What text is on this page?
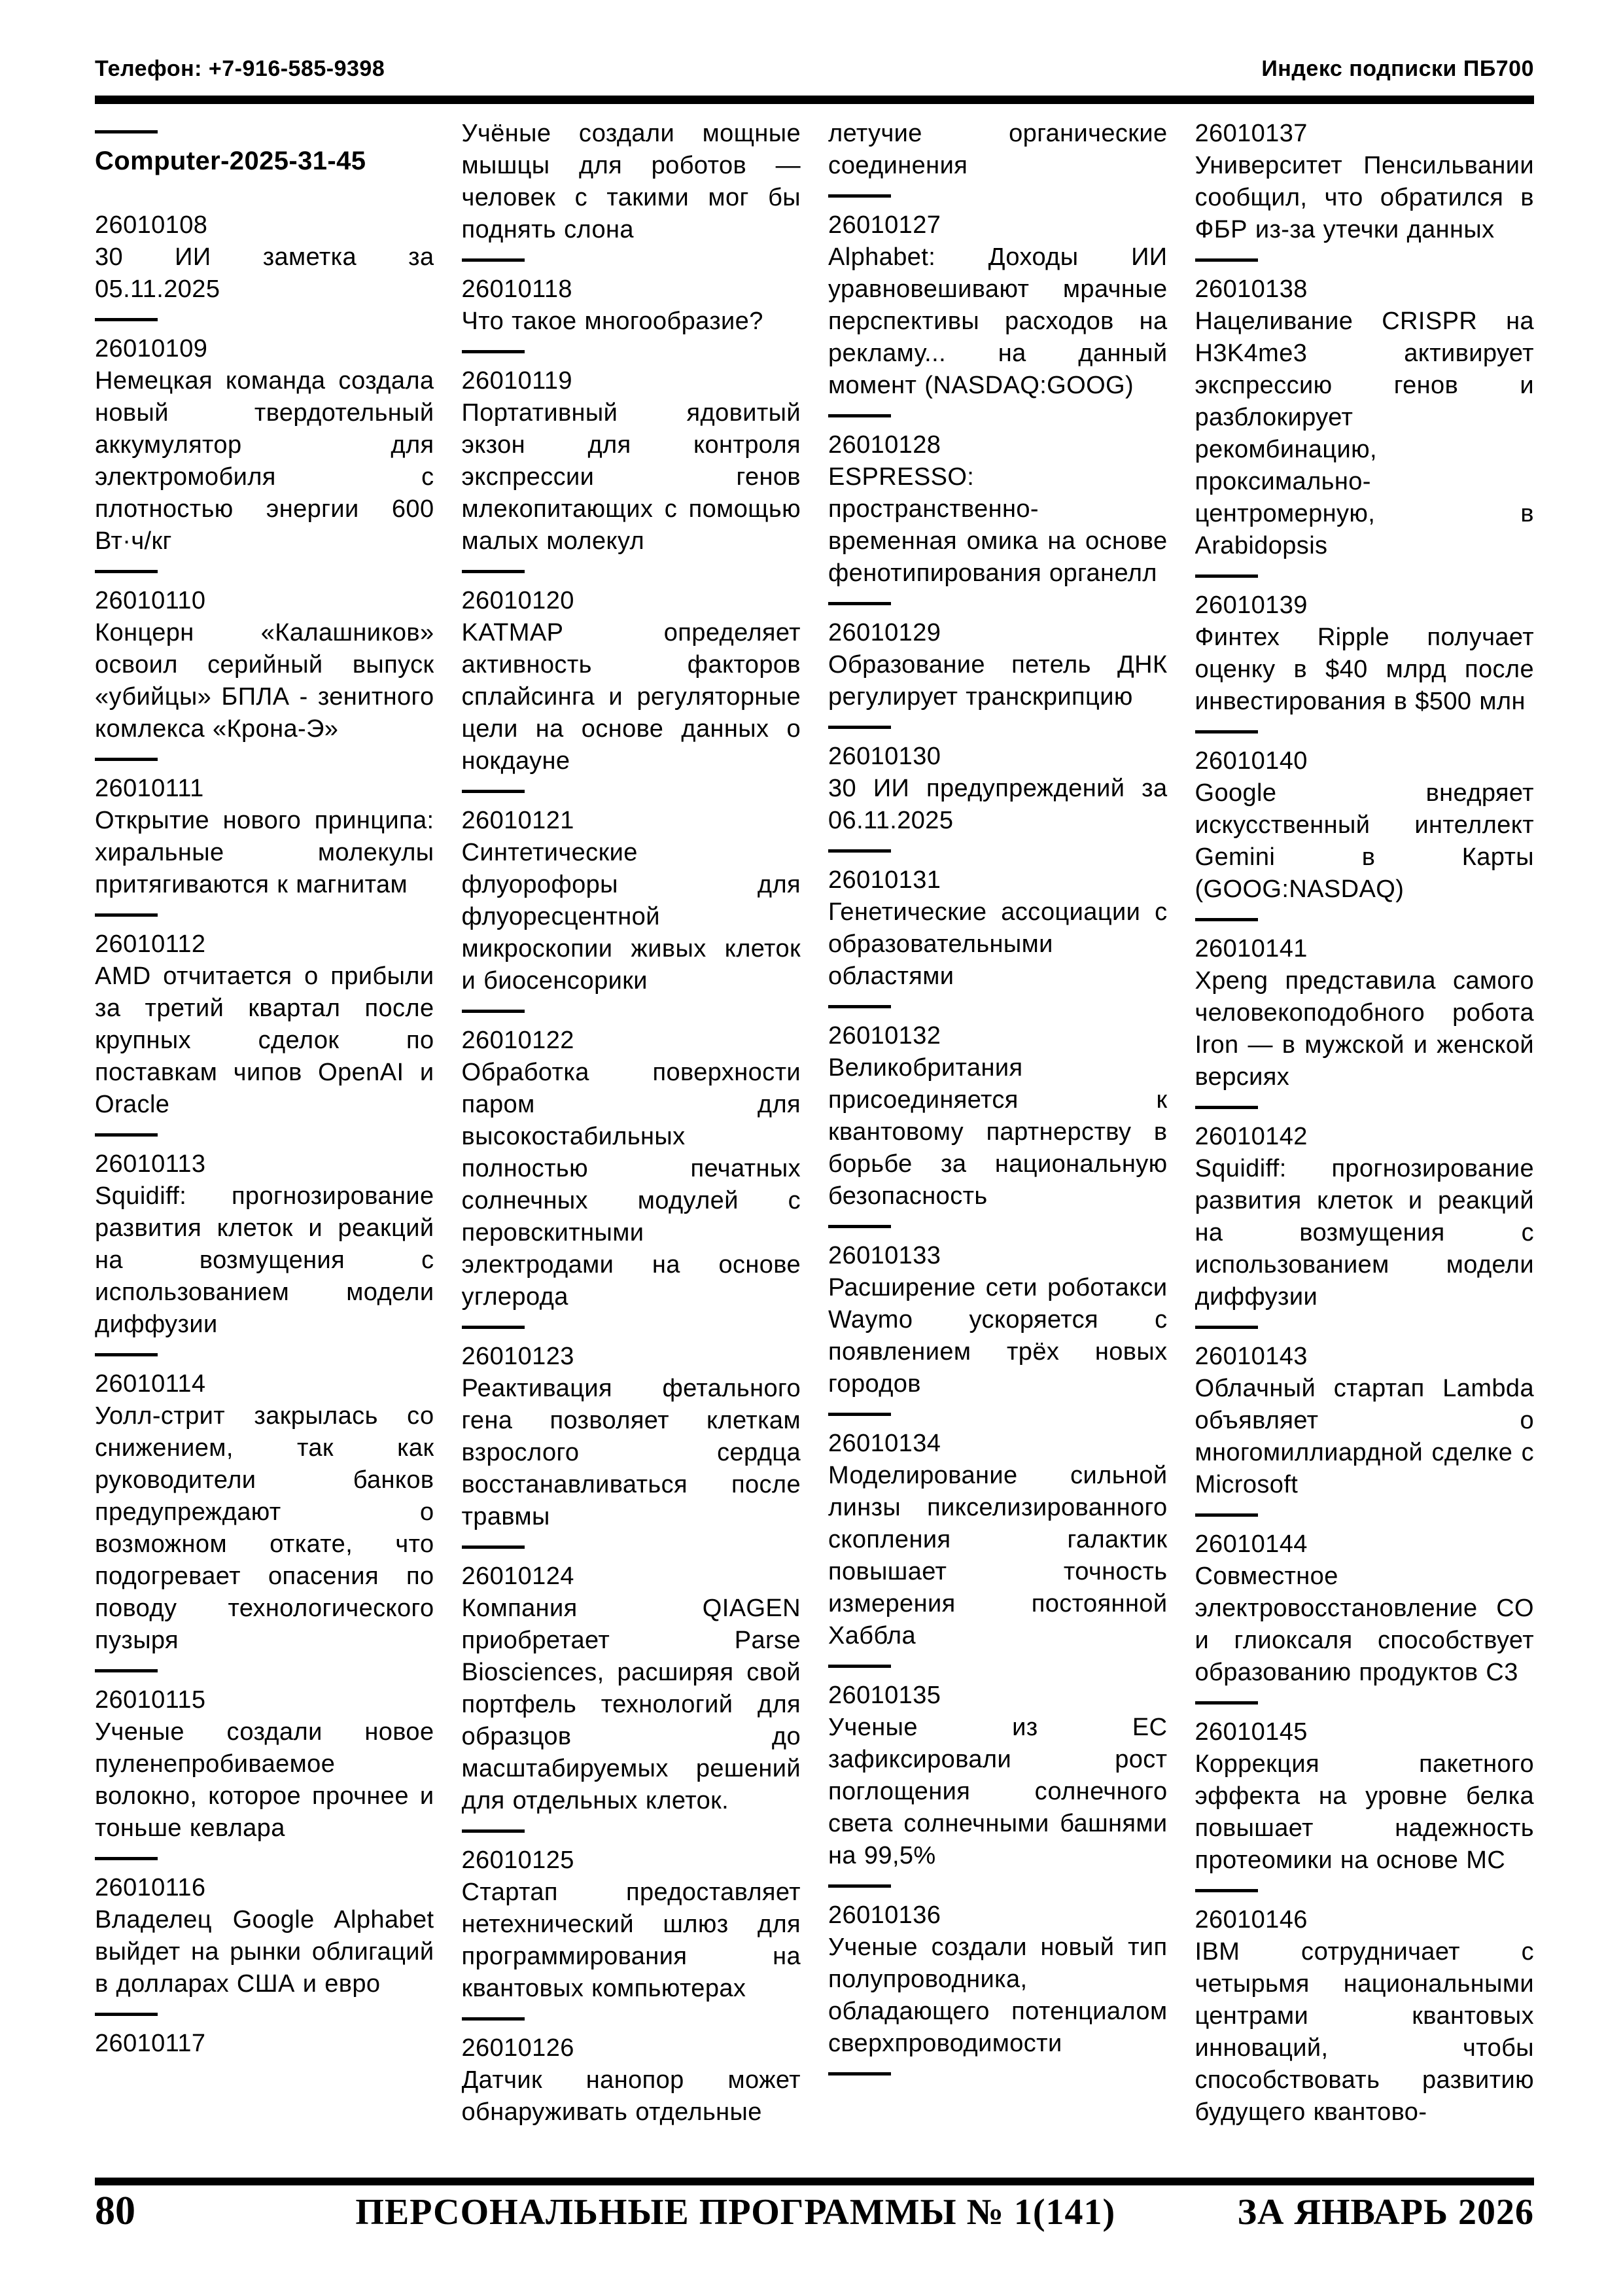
Телефон: +7-916-585-9398	Индекс подписки ПБ700
Computer-2025-31-45
26010108

30 ИИ заметка за 05.11.2025

26010109

Немецкая команда создала новый твердотельный аккумулятор для электромобиля с плотностью энергии 600 Вт·ч/кг

26010110

Концерн «Калашников» освоил серийный выпуск «убийцы» БПЛА - зенитного комлекса «Крона-Э»

26010111

Открытие нового принципа: хиральные молекулы притягиваются к магнитам

26010112

AMD отчитается о прибыли за третий квартал после крупных сделок по поставкам чипов OpenAI и Oracle

26010113

Squidiff: прогнозирование развития клеток и реакций на возмущения с использованием модели диффузии

26010114

Уолл-стрит закрылась со снижением, так как руководители банков предупреждают о возможном откате, что подогревает опасения по поводу технологического пузыря

26010115

Ученые создали новое пуленепробиваемое волокно, которое прочнее и тоньше кевлара

26010116

Владелец Google Alphabet выйдет на рынки облигаций в долларах США и евро

26010117

Учёные создали мощные мышцы для роботов — человек с такими мог бы поднять слона

26010118

Что такое многообразие?

26010119

Портативный ядовитый экзон для контроля экспрессии генов млекопитающих с помощью малых молекул

26010120

KATMAP определяет активность факторов сплайсинга и регуляторные цели на основе данных о нокдауне

26010121

Синтетические флуорофоры для флуоресцентной микроскопии живых клеток и биосенсорики

26010122

Обработка поверхности паром для высокостабильных полностью печатных солнечных модулей с перовскитными электродами на основе углерода

26010123

Реактивация фетального гена позволяет клеткам взрослого сердца восстанавливаться после травмы

26010124

Компания QIAGEN приобретает Parse Biosciences, расширяя свой портфель технологий для образцов до масштабируемых решений для отдельных клеток.

26010125

Стартап предоставляет нетехнический шлюз для программирования на квантовых компьютерах

26010126

Датчик нанопор может обнаруживать отдельные

летучие органические соединения

26010127

Alphabet: Доходы ИИ уравновешивают мрачные перспективы расходов на рекламу... на данный момент (NASDAQ:GOOG)

26010128

ESPRESSO: пространственно-временная омика на основе фенотипирования органелл

26010129

Образование петель ДНК регулирует транскрипцию

26010130

30 ИИ предупреждений за 06.11.2025

26010131

Генетические ассоциации с образовательными областями

26010132

Великобритания присоединяется к квантовому партнерству в борьбе за национальную безопасность

26010133

Расширение сети роботакси Waymo ускоряется с появлением трёх новых городов

26010134

Моделирование сильной линзы пикселизированного скопления галактик повышает точность измерения постоянной Хаббла

26010135

Ученые из ЕС зафиксировали рост поглощения солнечного света солнечными башнями на 99,5%

26010136

Ученые создали новый тип полупроводника, обладающего потенциалом сверхпроводимости

26010137

Университет Пенсильвании сообщил, что обратился в ФБР из-за утечки данных

26010138

Нацеливание CRISPR на H3K4me3 активирует экспрессию генов и разблокирует рекомбинацию, проксимально-центромерную, в Arabidopsis

26010139

Финтех Ripple получает оценку в $40 млрд после инвестирования в $500 млн

26010140

Google внедряет искусственный интеллект Gemini в Карты (GOOG:NASDAQ)

26010141

Xpeng представила самого человекоподобного робота Iron — в мужской и женской версиях

26010142

Squidiff: прогнозирование развития клеток и реакций на возмущения с использованием модели диффузии

26010143

Облачный стартап Lambda объявляет о многомиллиардной сделке с Microsoft

26010144

Совместное электровосстановление CO и глиоксаля способствует образованию продуктов C3

26010145

Коррекция пакетного эффекта на уровне белка повышает надежность протеомики на основе МС

26010146

IBM сотрудничает с четырьмя национальными центрами квантовых инноваций, чтобы способствовать развитию будущего квантово-

80	ПЕРСОНАЛЬНЫЕ ПРОГРАММЫ № 1(141)	ЗА ЯНВАРЬ 2026
